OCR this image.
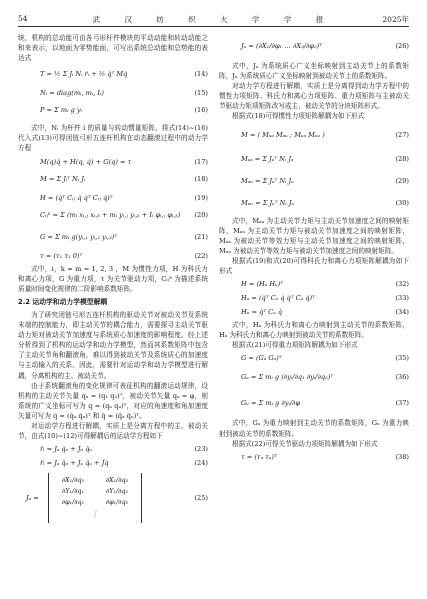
54	武 汉 纺 织 大 学 学 报	2025年

统，机构的总动能可由各弓形杆件模块的平动动能和转动动能之和来表示，以地面为零势能面，可写出系统总动能和总势能的表达式

T = ½ Σ Jᵢ Nᵢ ṙᵢ + ½ q̇ᵀ Mq̇	(14)
Nᵢ = diag(mᵢ, mᵢ, Iᵢ)	(15)
P = Σ mᵢ g yᵢ	(16)

式中，Nᵢ 为杆件 i 的质量与转动惯量矩阵，将式(14)~(16)代入式(13)可得闭链弓形五连杆机构在动态翻滚过程中的动力学方程

M(q)q̈ + H(q, q̇) + G(q) = τ	(17)
M = Σ Jᵢᵀ Nᵢ Jᵢ	(18)
H = (q̇ᵀ Cᵢⱼ q̇ q̇ᵀ Cᵢⱼ q̇)ᵀ	(19)
Cᵢⱼᵏ = Σ (mᵢ xᵢ,ⱼ xᵢ,ₖ + mᵢ yᵢ,ⱼ yᵢ,ₖ + Iᵢ φᵢ,ⱼ φᵢ,ₖ) (20)
G = Σ mᵢ g(yᵢ,₁ yᵢ,₂ yᵢ,₃)ᵀ	(21)
τ = (τ₁ τ₂ 0)ᵀ	(22)

式中，i，k = m = 1, 2, 3 ，M 为惯性力项，H 为科氏力和离心力项，G 为重力项，τ 为关节驱动力项，Cᵢⱼᵏ 为描述系统质量时间变化规律的二阶影响系数矩阵。

2.2 运动学和动力学模型解耦

为了研究闭链弓形五连杆机构的驱动关节对被动关节及系统末端的控制能力，即主动关节的耦合能力，需要探寻主动关节驱动力矩对被动关节加速度与系统质心加速度的影响程度。经上述分析得到了机构的运动学和动力学模型，然而其系数矩阵中包含了主动关节角和翻滚角，难以得到被动关节及系统质心的加速度与主动输入的关系。因此，需要针对运动学和动力学模型进行解耦，分离机构的主、被动关节。

由于系统翻滚角的变化规律可表征机构的翻滚运动规律，设机构的主动关节矢量 qₐ = (q₁ q₂)ᵀ，被动关节矢量 qᵤ = φ，则系统的广义坐标可写为 q = (qₐ qᵤ)ᵀ，对应的角速度和角加速度矢量可写为 q̇ = (q̇ₐ q̇ᵤ)ᵀ 和 q̈ = (q̈ₐ q̈ᵤ)ᵀ。

对运动学方程进行解耦，实质上是分离方程中的主、被动关节，由式(10)~(12)可得解耦后的运动学方程如下

ṙᵢ = Jₐ q̇ₐ + Jᵤ q̇ᵤ	(23)
r̈ᵢ = Jₐ q̈ₐ + Jᵤ q̈ᵤ + J̇q̇	(24)
Jₐ =
∂X₁/∂q₁	∂X₁/∂q₂
∂Y₁/∂q₁	∂Y₁/∂q₂
∂φ₁/∂q₁	∂φ₁/∂q₂
⋮
(25)
Jᵤ = (∂X₁/∂φ₁ … ∂X₅/∂φ₅)ᵀ	(26)

式中，Jₐ 为系统质心广义坐标映射到主动关节上的系数矩阵，Jᵤ 为系统质心广义坐标映射到被动关节上的系数矩阵。

对动力学方程进行解耦，实质上是分离得到动力学方程中的惯性力项矩阵、科氏力和离心力项矩阵、重力项矩阵与主被动关节驱动力矩项矩阵改写成主、被动关节的分块矩阵形式。

根据式(18)可得惯性力项矩阵解耦为如下形式

M = ( Mₐₐ Mₐᵤ ; Mᵤₐ Mᵤᵤ )	(27)
Mₐₐ = Σ Jₐᵀ Nᵢ Jₐ	(28)
Mₐᵤ = Σ Jₐᵀ Nᵢ Jᵤ	(29)
Mᵤᵤ = Σ Jᵤᵀ Nᵢ Jᵤ	(30)

式中，Mₐₐ 为主动关节力矩与主动关节加速度之间的映射矩阵，Mₐᵤ 为主动关节力矩与被动关节加速度之间的映射矩阵，Mᵤₐ 为被动关节等效力矩与主动关节加速度之间的映射矩阵，Mᵤᵤ 为被动关节等效力矩与被动关节加速度之间的映射矩阵。

根据式(19)和式(20)可得科氏力和离心力项矩阵解耦为如下形式

H = (Hₐ Hᵤ)ᵀ	(32)
Hₐ = (q̇ᵀ Cₐ q̇ q̇ᵀ Cₐ q̇)ᵀ	(33)
Hᵤ = q̇ᵀ Cᵤ q̇	(34)

式中，Hₐ 为科氏力和离心力映射到主动关节的系数矩阵，Hᵤ 为科氏力和离心力映射到被动关节的系数矩阵。

根据式(21)可得重力项矩阵解耦为如下形式

G = (Gₐ Gᵤ)ᵀ	(35)
Gₐ = Σ mᵢ g (∂yᵢ/∂q₁ ∂yᵢ/∂q₂)ᵀ	(36)
Gᵤ = Σ mᵢ g ∂yᵢ/∂φ	(37)

式中，Gₐ 为重力映射到主动关节的系数矩阵，Gᵤ 为重力映射到被动关节的系数矩阵。

根据式(22)可得关节驱动力项矩阵解耦为如下形式

τ = (τₐ τᵤ)ᵀ	(38)
